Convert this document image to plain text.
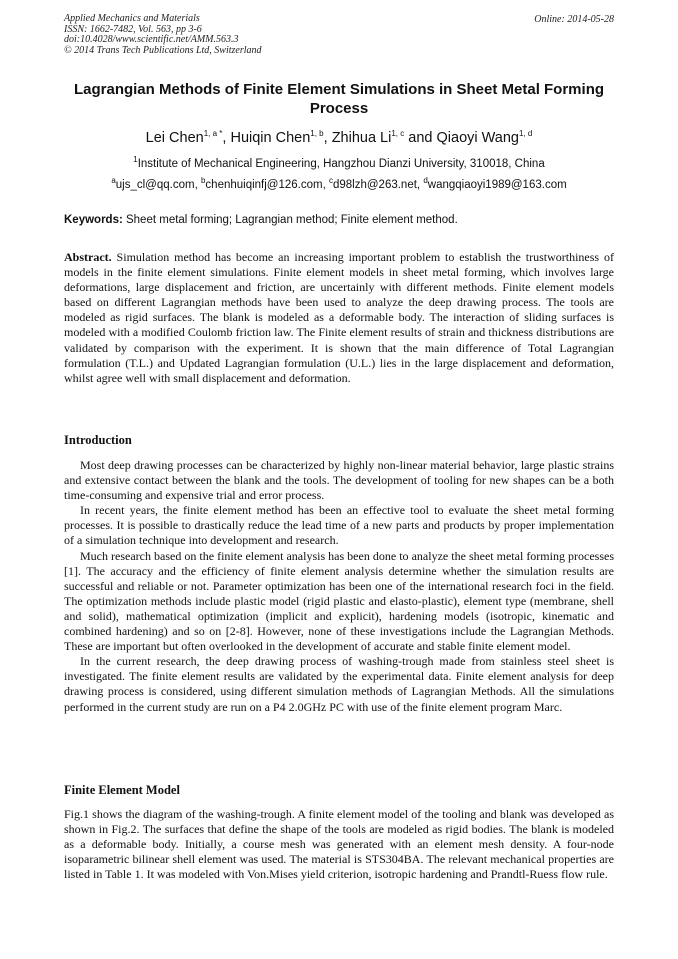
Applied Mechanics and Materials
ISSN: 1662-7482, Vol. 563, pp 3-6
doi:10.4028/www.scientific.net/AMM.563.3
© 2014 Trans Tech Publications Ltd, Switzerland
Online: 2014-05-28
Lagrangian Methods of Finite Element Simulations in Sheet Metal Forming Process
Lei Chen$^{1, a *}$, Huiqin Chen$^{1, b}$, Zhihua Li$^{1, c}$ and Qiaoyi Wang$^{1, d}$
$^1$Institute of Mechanical Engineering, Hangzhou Dianzi University, 310018, China
$^a$ujs_cl@qq.com, $^b$chenhuiqinfj@126.com, $^c$d98lzh@263.net, $^d$wangqiaoyi1989@163.com
Keywords: Sheet metal forming; Lagrangian method; Finite element method.

Abstract. Simulation method has become an increasing important problem to establish the trustworthiness of models in the finite element simulations. Finite element models in sheet metal forming, which involves large deformations, large displacement and friction, are uncertainly with different methods. Finite element models based on different Lagrangian methods have been used to analyze the deep drawing process. The tools are modeled as rigid surfaces. The blank is modeled as a deformable body. The interaction of sliding surfaces is modeled with a modified Coulomb friction law. The Finite element results of strain and thickness distributions are validated by comparison with the experiment. It is shown that the main difference of Total Lagrangian formulation (T.L.) and Updated Lagrangian formulation (U.L.) lies in the large displacement and deformation, whilst agree well with small displacement and deformation.

Introduction

Most deep drawing processes can be characterized by highly non-linear material behavior, large plastic strains and extensive contact between the blank and the tools. The development of tooling for new shapes can be a both time-consuming and expensive trial and error process.

In recent years, the finite element method has been an effective tool to evaluate the sheet metal forming processes. It is possible to drastically reduce the lead time of a new parts and products by proper implementation of a simulation technique into development and research.

Much research based on the finite element analysis has been done to analyze the sheet metal forming processes [1]. The accuracy and the efficiency of finite element analysis determine whether the simulation results are successful and reliable or not. Parameter optimization has been one of the international research foci in the field. The optimization methods include plastic model (rigid plastic and elasto-plastic), element type (membrane, shell and solid), mathematical optimization (implicit and explicit), hardening models (isotropic, kinematic and combined hardening) and so on [2-8]. However, none of these investigations include the Lagrangian Methods. These are important but often overlooked in the development of accurate and stable finite element model.

In the current research, the deep drawing process of washing-trough made from stainless steel sheet is investigated. The finite element results are validated by the experimental data. Finite element analysis for deep drawing process is considered, using different simulation methods of Lagrangian Methods. All the simulations performed in the current study are run on a P4 2.0GHz PC with use of the finite element program Marc.

Finite Element Model

Fig.1 shows the diagram of the washing-trough. A finite element model of the tooling and blank was developed as shown in Fig.2. The surfaces that define the shape of the tools are modeled as rigid bodies. The blank is modeled as a deformable body. Initially, a course mesh was generated with an element mesh density. A four-node isoparametric bilinear shell element was used. The material is STS304BA. The relevant mechanical properties are listed in Table 1. It was modeled with Von.Mises yield criterion, isotropic hardening and Prandtl-Ruess flow rule.
